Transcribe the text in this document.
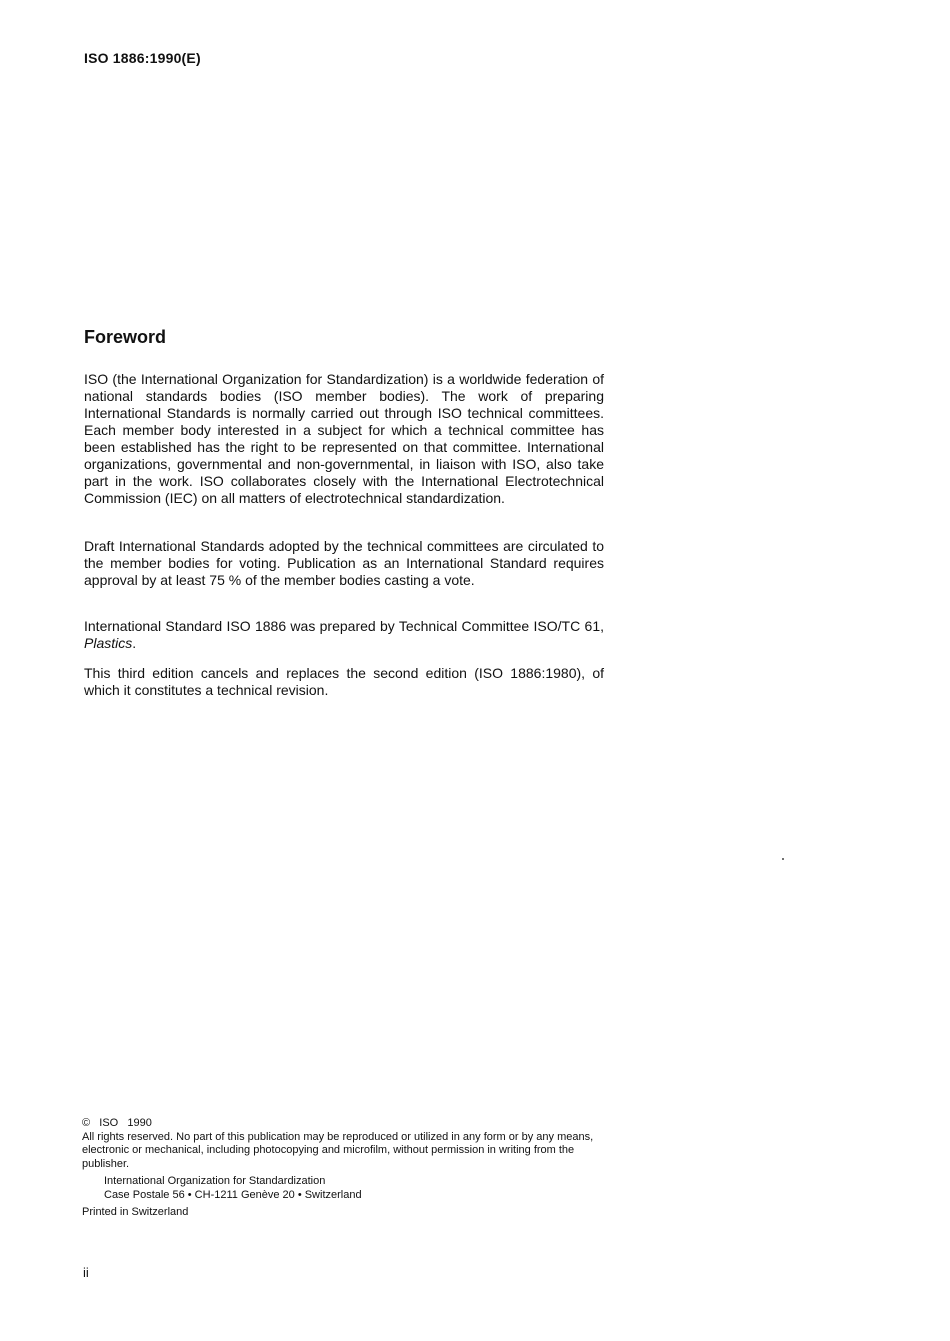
ISO 1886:1990(E)
Foreword

ISO (the International Organization for Standardization) is a worldwide federation of national standards bodies (ISO member bodies). The work of preparing International Standards is normally carried out through ISO technical committees. Each member body interested in a subject for which a technical committee has been established has the right to be represented on that committee. International organizations, governmental and non-governmental, in liaison with ISO, also take part in the work. ISO collaborates closely with the International Electrotechnical Commission (IEC) on all matters of electrotechnical standardization.

Draft International Standards adopted by the technical committees are circulated to the member bodies for voting. Publication as an International Standard requires approval by at least 75 % of the member bodies casting a vote.

International Standard ISO 1886 was prepared by Technical Committee ISO/TC 61, Plastics.

This third edition cancels and replaces the second edition (ISO 1886:1980), of which it constitutes a technical revision.

© ISO 1990

All rights reserved. No part of this publication may be reproduced or utilized in any form or by any means, electronic or mechanical, including photocopying and microfilm, without permission in writing from the publisher.

International Organization for Standardization
Case Postale 56 • CH-1211 Genève 20 • Switzerland
Printed in Switzerland
ii
